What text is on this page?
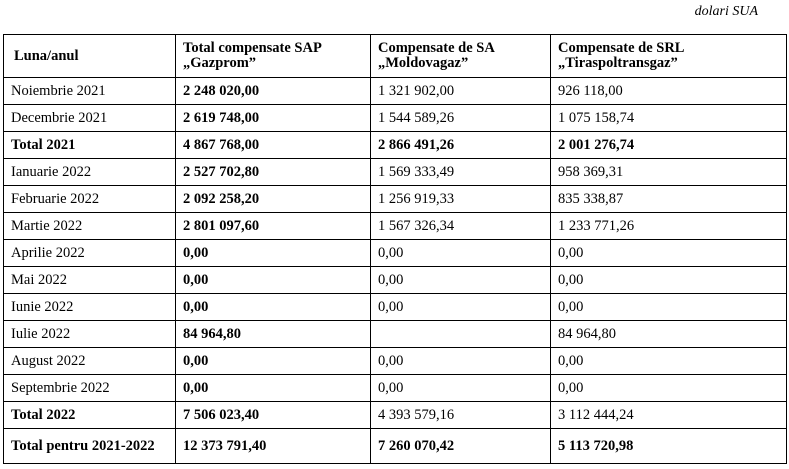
dolari SUA
Luna/anul	Total compensate SAP „Gazprom”	Compensate de SA „Moldovagaz”	Compensate de SRL „Tiraspoltransgaz”
Noiembrie 2021	2 248 020,00	1 321 902,00	926 118,00
Decembrie 2021	2 619 748,00	1 544 589,26	1 075 158,74
Total 2021	4 867 768,00	2 866 491,26	2 001 276,74
Ianuarie 2022	2 527 702,80	1 569 333,49	958 369,31
Februarie 2022	2 092 258,20	1 256 919,33	835 338,87
Martie 2022	2 801 097,60	1 567 326,34	1 233 771,26
Aprilie 2022	0,00	0,00	0,00
Mai 2022	0,00	0,00	0,00
Iunie 2022	0,00	0,00	0,00
Iulie 2022	84 964,80		84 964,80
August 2022	0,00	0,00	0,00
Septembrie 2022	0,00	0,00	0,00
Total 2022	7 506 023,40	4 393 579,16	3 112 444,24
Total pentru 2021-2022	12 373 791,40	7 260 070,42	5 113 720,98
